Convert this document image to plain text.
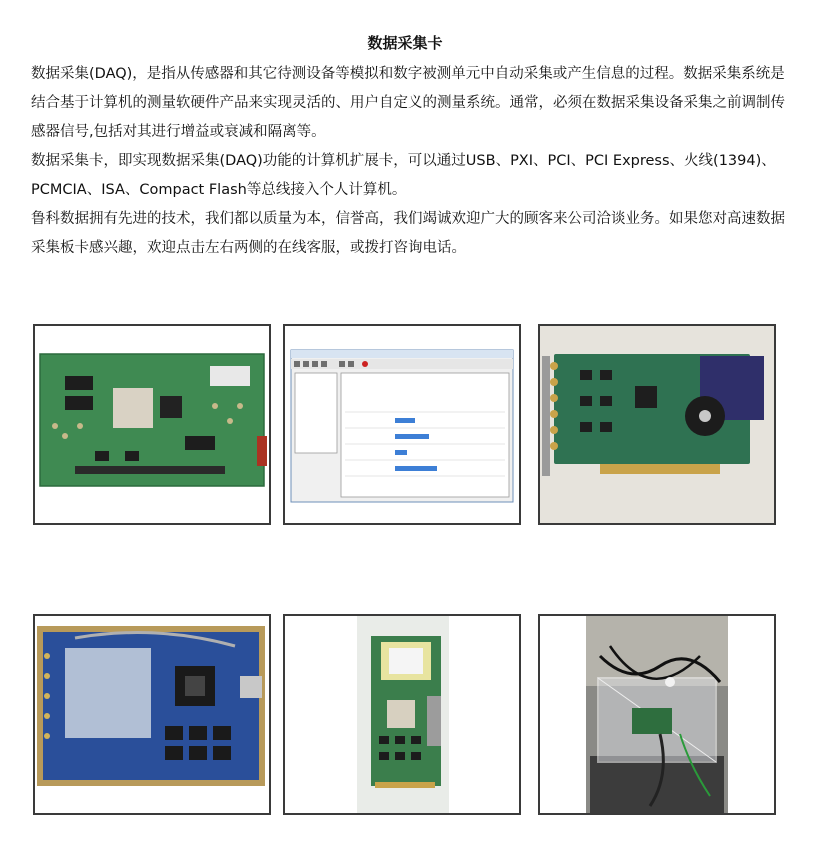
数据采集卡

数据采集(DAQ)，是指从传感器和其它待测设备等模拟和数字被测单元中自动采集或产生信息的过程。数据采集系统是结合基于计算机的测量软硬件产品来实现灵活的、用户自定义的测量系统。通常，必须在数据采集设备采集之前调制传感器信号,包括对其进行增益或衰减和隔离等。

数据采集卡，即实现数据采集(DAQ)功能的计算机扩展卡，可以通过USB、PXI、PCI、PCI Express、火线(1394)、PCMCIA、ISA、Compact Flash等总线接入个人计算机。

鲁科数据拥有先进的技术，我们都以质量为本，信誉高，我们竭诚欢迎广大的顾客来公司洽谈业务。如果您对高速数据采集板卡感兴趣，欢迎点击左右两侧的在线客服，或拨打咨询电话。
